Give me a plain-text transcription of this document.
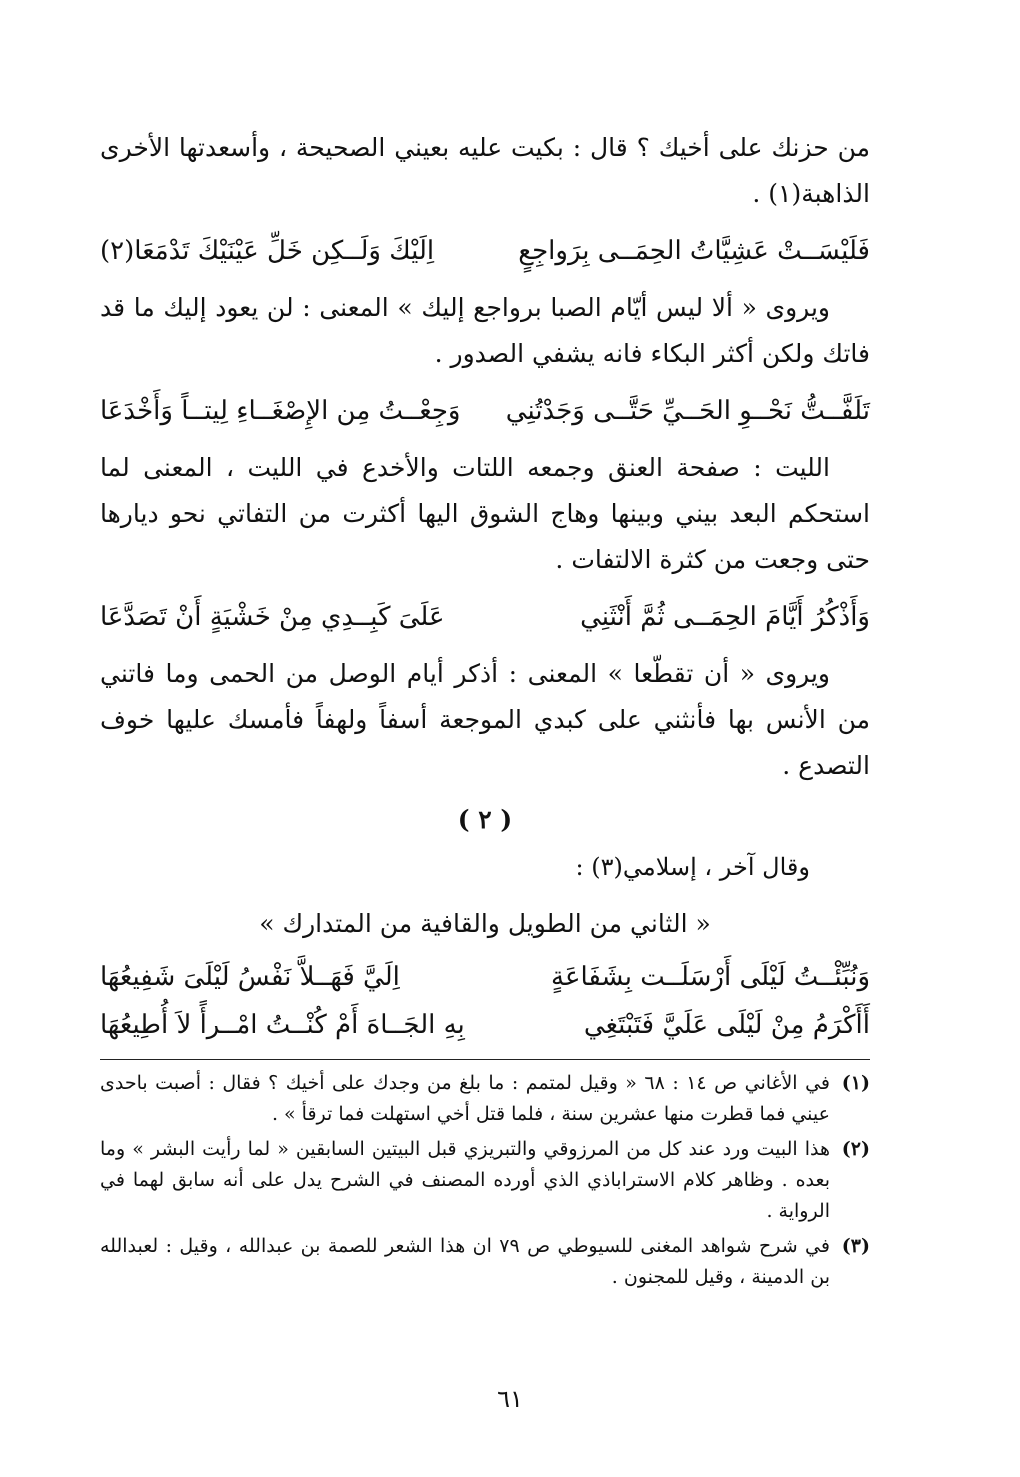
من حزنك على أخيك ؟ قال : بكيت عليه بعيني الصحيحة ، وأسعدتها الأخرى الذاهبة(١) .

فَلَيْسَــتْ عَشِيَّاتُ الحِمَــى بِرَواجِعٍ
اِلَيْكَ وَلَــكِن خَلِّ عَيْنَيْكَ تَدْمَعَا(٢)

ويروى « ألا ليس أيّام الصبا برواجع إليك » المعنى : لن يعود إليك ما قد فاتك ولكن أكثر البكاء فانه يشفي الصدور .

تَلَفَّــتُّ نَحْــوِ الحَــيِّ حَتَّــى وَجَدْتُنِي
وَجِعْــتُ مِن الإِصْغَــاءِ لِيتــاً وَأَخْدَعَا

الليت : صفحة العنق وجمعه اللتات والأخدع في الليت ، المعنى لما استحكم البعد بيني وبينها وهاج الشوق اليها أكثرت من التفاتي نحو ديارها حتى وجعت من كثرة الالتفات .

وَأَذْكُرُ أَيَّامَ الحِمَــى ثُمَّ أَنْثَنِي
عَلَىَ كَبِــدِي مِنْ خَشْيَةٍ أَنْ تَصَدَّعَا

ويروى « أن تقطّعا » المعنى : أذكر أيام الوصل من الحمى وما فاتني من الأنس بها فأنثني على كبدي الموجعة أسفاً ولهفاً فأمسك عليها خوف التصدع .

( ٢ )

وقال آخر ، إسلامي(٣) :

« الثاني من الطويل والقافية من المتدارك »
وَنُبِّئْــتُ لَيْلَى أَرْسَلَــت بِشَفَاعَةٍ
اِلَيَّ فَهَــلاَّ نَفْسُ لَيْلَىَ شَفِيعُهَا
أَأَكْرَمُ مِنْ لَيْلَى عَلَيَّ فَتَبْتَغِي
بِهِ الجَــاهَ أَمْ كُنْــتُ امْــرأً لاَ أُطِيعُهَا
(١)
في الأغاني ص ١٤ : ٦٨ « وقيل لمتمم : ما بلغ من وجدك على أخيك ؟ فقال : أصبت باحدى عيني فما قطرت منها عشرين سنة ، فلما قتل أخي استهلت فما ترقأ » .
(٢)
هذا البيت ورد عند كل من المرزوقي والتبريزي قبل البيتين السابقين « لما رأيت البشر » وما بعده . وظاهر كلام الاستراباذي الذي أورده المصنف في الشرح يدل على أنه سابق لهما في الرواية .
(٣)
في شرح شواهد المغنى للسيوطي ص ٧٩ ان هذا الشعر للصمة بن عبدالله ، وقيل : لعبدالله بن الدمينة ، وقيل للمجنون .
٦١
